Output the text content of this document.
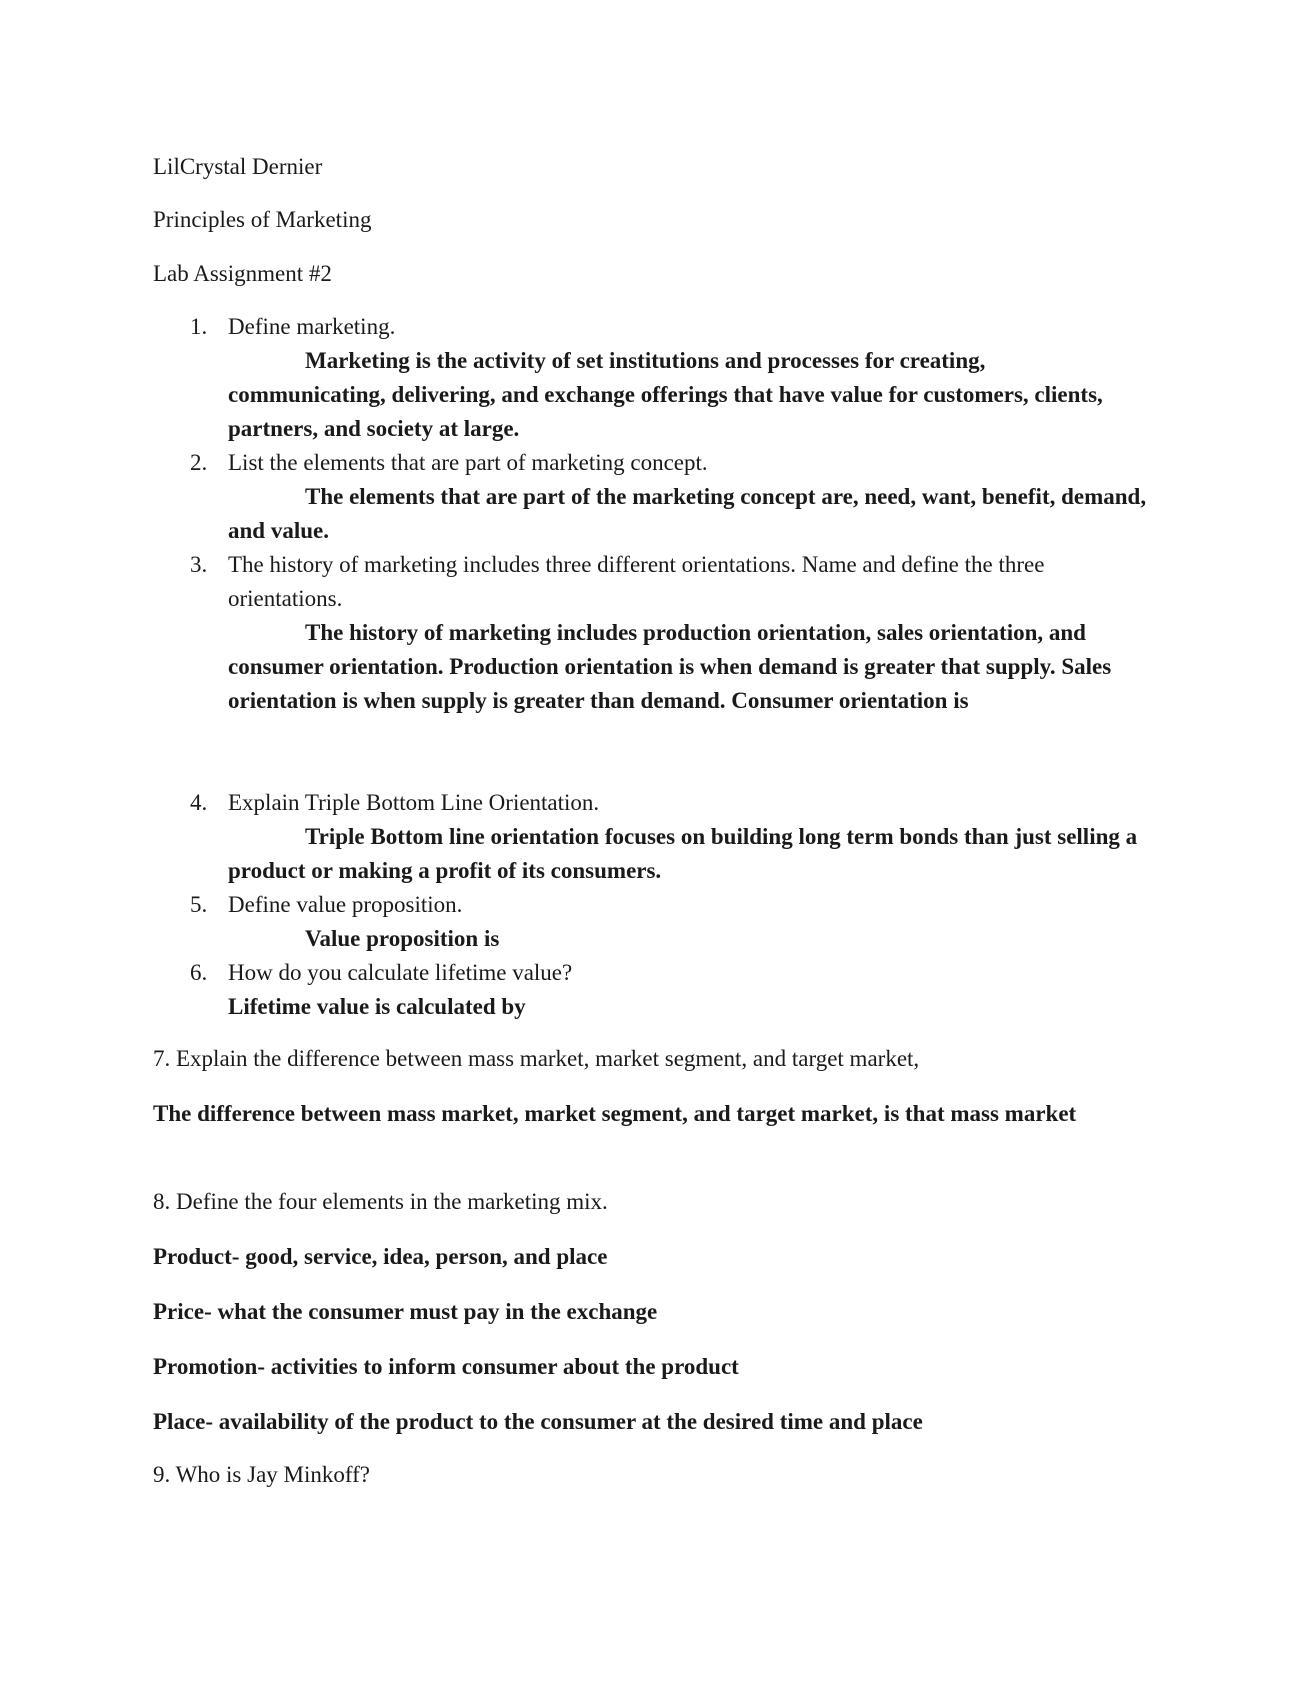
LilCrystal Dernier
Principles of Marketing
Lab Assignment #2
1. Define marketing.
Marketing is the activity of set institutions and processes for creating, communicating, delivering, and exchange offerings that have value for customers, clients, partners, and society at large.
2. List the elements that are part of marketing concept.
The elements that are part of the marketing concept are, need, want, benefit, demand, and value.
3. The history of marketing includes three different orientations. Name and define the three orientations.
The history of marketing includes production orientation, sales orientation, and consumer orientation. Production orientation is when demand is greater that supply. Sales orientation is when supply is greater than demand. Consumer orientation is
4. Explain Triple Bottom Line Orientation.
Triple Bottom line orientation focuses on building long term bonds than just selling a product or making a profit of its consumers.
5. Define value proposition.
Value proposition is
6. How do you calculate lifetime value?
Lifetime value is calculated by
7. Explain the difference between mass market, market segment, and target market,
The difference between mass market, market segment, and target market, is that mass market
8. Define the four elements in the marketing mix.
Product- good, service, idea, person, and place
Price- what the consumer must pay in the exchange
Promotion- activities to inform consumer about the product
Place- availability of the product to the consumer at the desired time and place
9. Who is Jay Minkoff?
